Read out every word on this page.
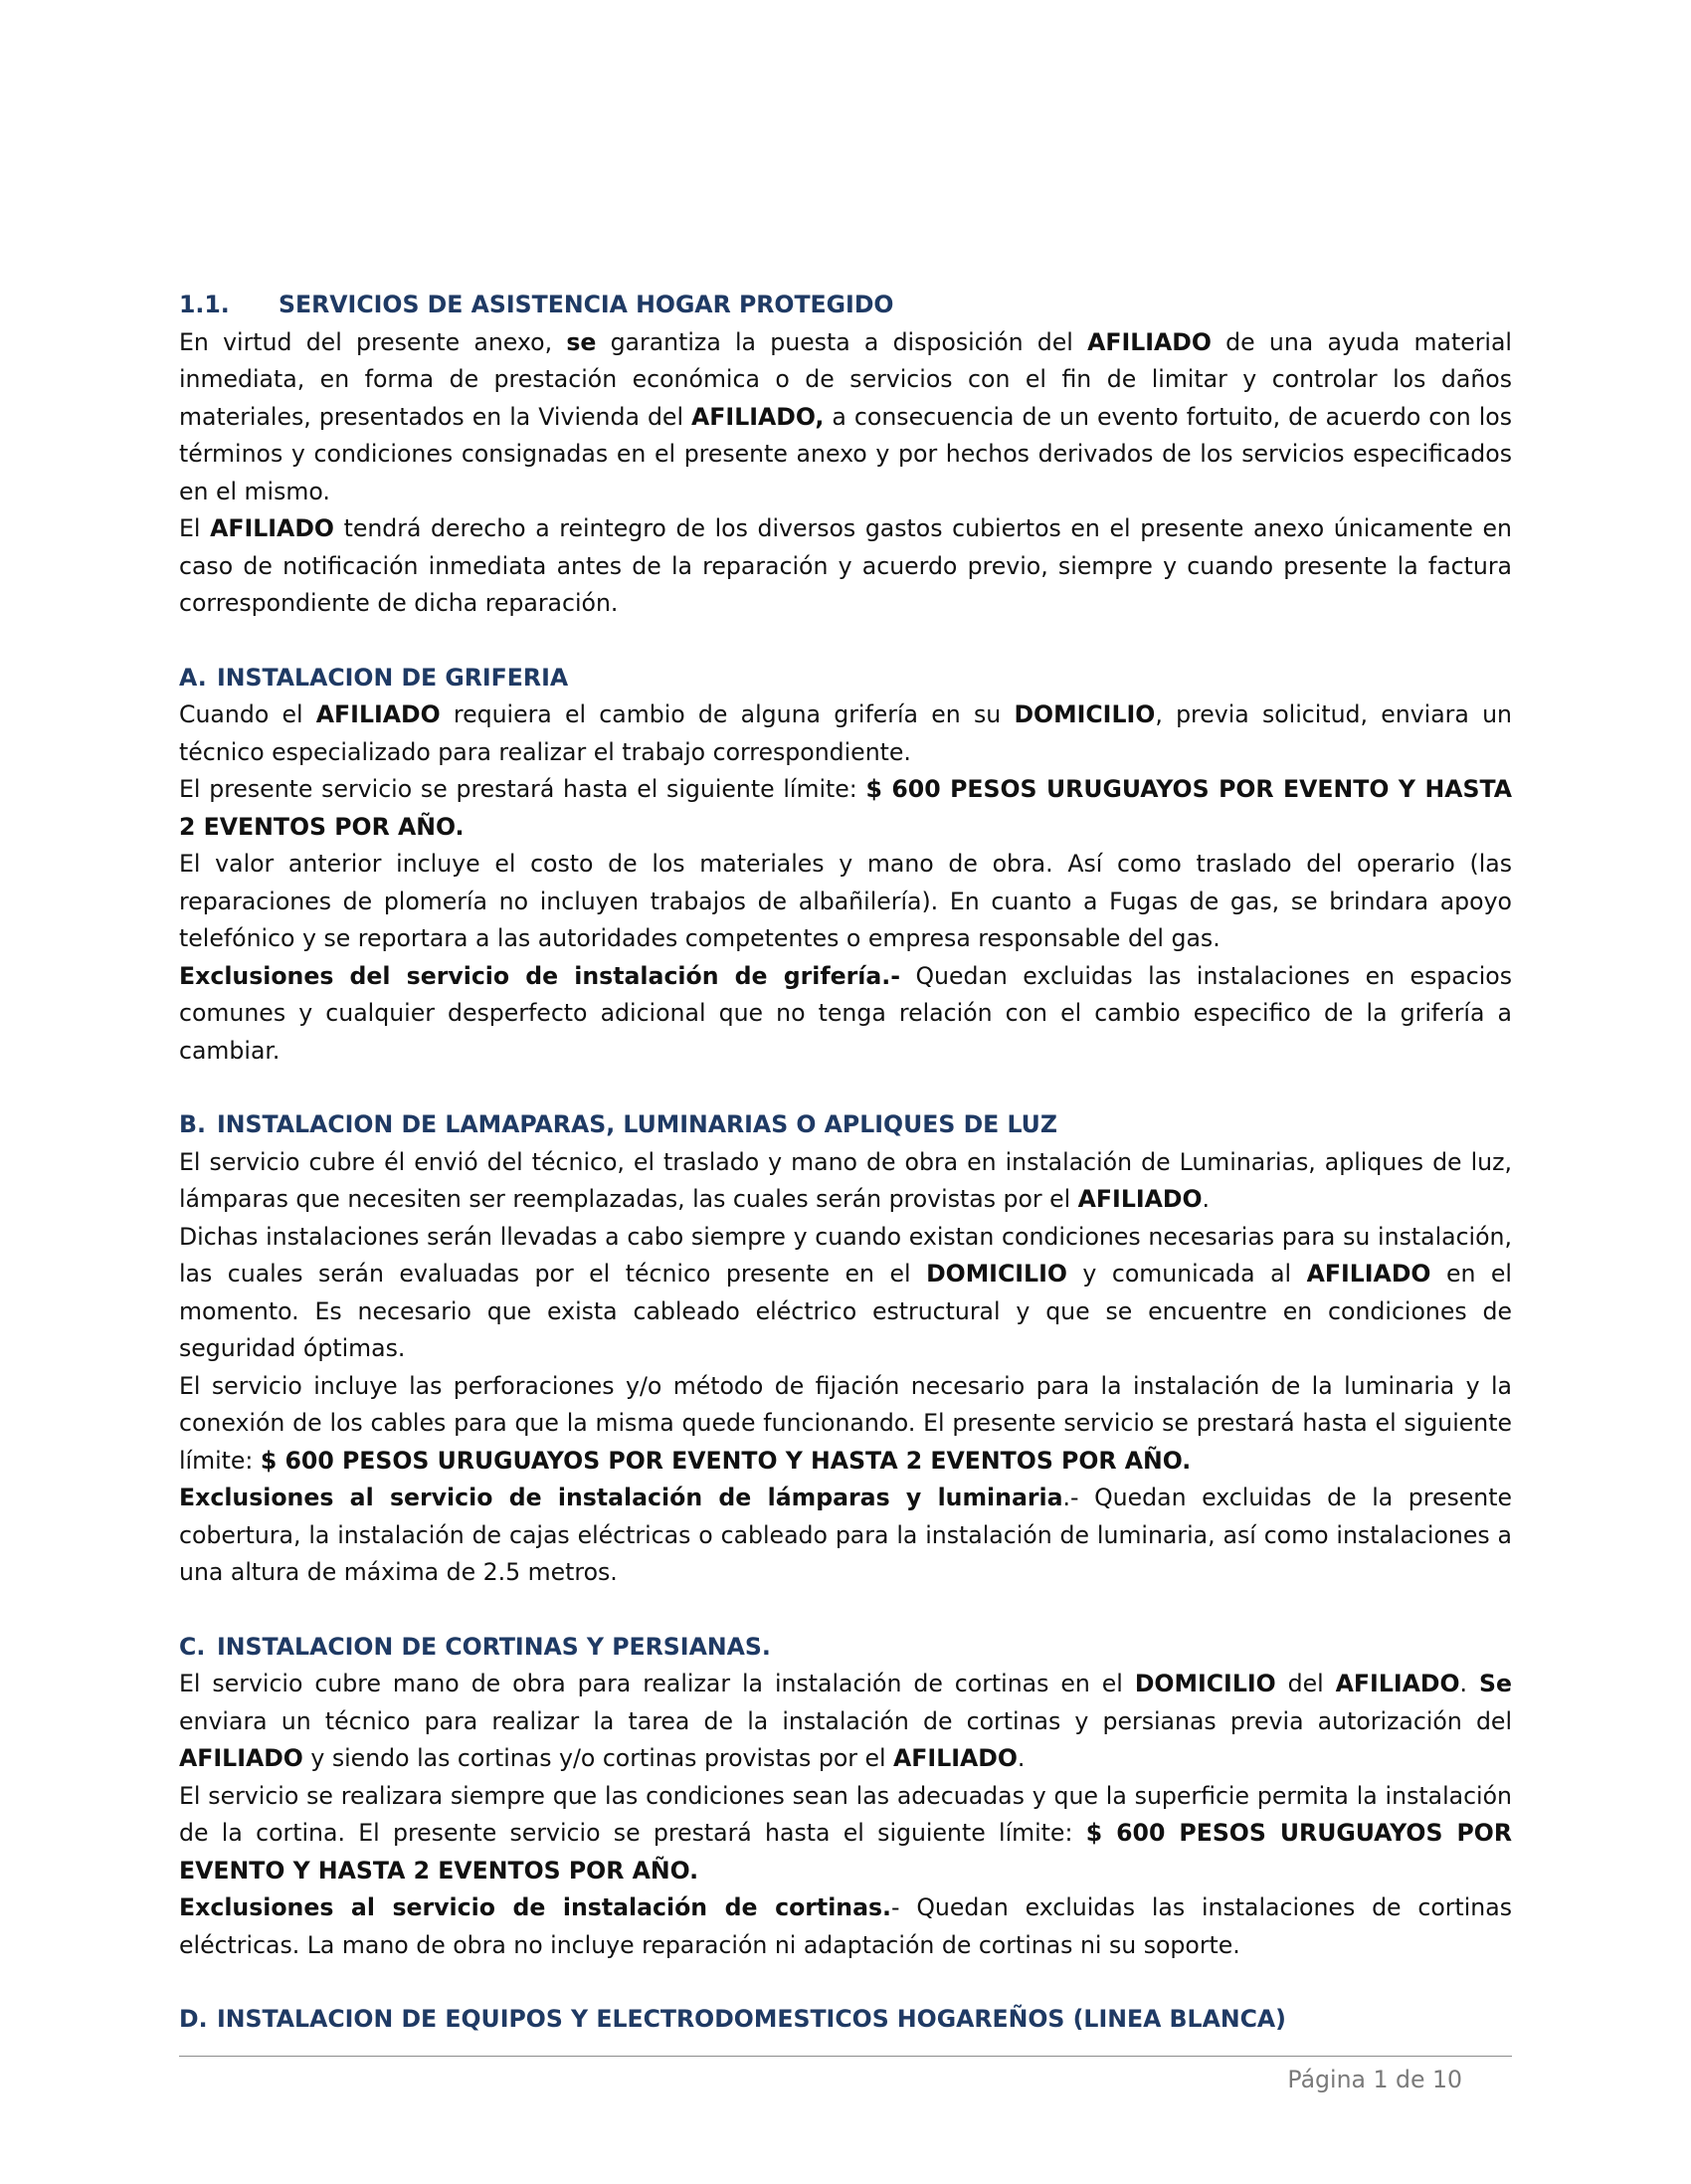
1.1. SERVICIOS DE ASISTENCIA HOGAR PROTEGIDO

En virtud del presente anexo, se garantiza la puesta a disposición del AFILIADO de una ayuda material inmediata, en forma de prestación económica o de servicios con el fin de limitar y controlar los daños materiales, presentados en la Vivienda del AFILIADO, a consecuencia de un evento fortuito, de acuerdo con los términos y condiciones consignadas en el presente anexo y por hechos derivados de los servicios especificados en el mismo.

El AFILIADO tendrá derecho a reintegro de los diversos gastos cubiertos en el presente anexo únicamente en caso de notificación inmediata antes de la reparación y acuerdo previo, siempre y cuando presente la factura correspondiente de dicha reparación.

A. INSTALACION DE GRIFERIA

Cuando el AFILIADO requiera el cambio de alguna grifería en su DOMICILIO, previa solicitud, enviara un técnico especializado para realizar el trabajo correspondiente.

El presente servicio se prestará hasta el siguiente límite: $ 600 PESOS URUGUAYOS POR EVENTO Y HASTA 2 EVENTOS POR AÑO.

El valor anterior incluye el costo de los materiales y mano de obra. Así como traslado del operario (las reparaciones de plomería no incluyen trabajos de albañilería). En cuanto a Fugas de gas, se brindara apoyo telefónico y se reportara a las autoridades competentes o empresa responsable del gas.

Exclusiones del servicio de instalación de grifería.- Quedan excluidas las instalaciones en espacios comunes y cualquier desperfecto adicional que no tenga relación con el cambio especifico de la grifería a cambiar.

B. INSTALACION DE LAMAPARAS, LUMINARIAS O APLIQUES DE LUZ

El servicio cubre él envió del técnico, el traslado y mano de obra en instalación de Luminarias, apliques de luz, lámparas que necesiten ser reemplazadas, las cuales serán provistas por el AFILIADO.

Dichas instalaciones serán llevadas a cabo siempre y cuando existan condiciones necesarias para su instalación, las cuales serán evaluadas por el técnico presente en el DOMICILIO y comunicada al AFILIADO en el momento. Es necesario que exista cableado eléctrico estructural y que se encuentre en condiciones de seguridad óptimas.

El servicio incluye las perforaciones y/o método de fijación necesario para la instalación de la luminaria y la conexión de los cables para que la misma quede funcionando. El presente servicio se prestará hasta el siguiente límite: $ 600 PESOS URUGUAYOS POR EVENTO Y HASTA 2 EVENTOS POR AÑO.

Exclusiones al servicio de instalación de lámparas y luminaria.- Quedan excluidas de la presente cobertura, la instalación de cajas eléctricas o cableado para la instalación de luminaria, así como instalaciones a una altura de máxima de 2.5 metros.

C. INSTALACION DE CORTINAS Y PERSIANAS.

El servicio cubre mano de obra para realizar la instalación de cortinas en el DOMICILIO del AFILIADO. Se enviara un técnico para realizar la tarea de la instalación de cortinas y persianas previa autorización del AFILIADO y siendo las cortinas y/o cortinas provistas por el AFILIADO.

El servicio se realizara siempre que las condiciones sean las adecuadas y que la superficie permita la instalación de la cortina. El presente servicio se prestará hasta el siguiente límite: $ 600 PESOS URUGUAYOS POR EVENTO Y HASTA 2 EVENTOS POR AÑO.

Exclusiones al servicio de instalación de cortinas.- Quedan excluidas las instalaciones de cortinas eléctricas. La mano de obra no incluye reparación ni adaptación de cortinas ni su soporte.

D. INSTALACION DE EQUIPOS Y ELECTRODOMESTICOS HOGAREÑOS (LINEA BLANCA)

Página 1 de 10
